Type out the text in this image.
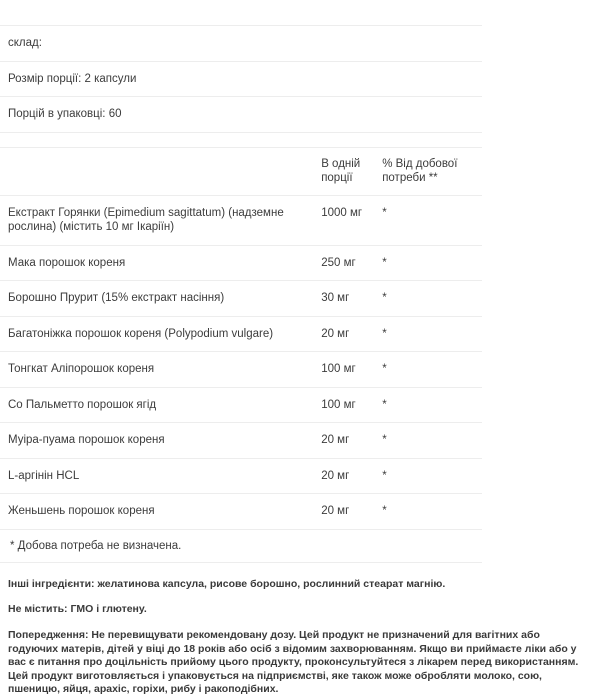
склад:		
Розмір порції: 2 капсули		
Порцій в упаковці: 60		

	В одній порції	% Від добової потреби **
Екстракт Горянки (Epimedium sagittatum) (надземне рослина) (містить 10 мг Ікаріїн)	1000 мг	*
Мака порошок кореня	250 мг	*
Борошно Прурит (15% екстракт насіння)	30 мг	*
Багатоніжка порошок кореня (Polypodium vulgare)	20 мг	*
Тонгкат Аліпорошок кореня	100 мг	*
Со Пальметто порошок ягід	100 мг	*
Муіра-пуама порошок кореня	20 мг	*
L-аргінін HCL	20 мг	*
Женьшень порошок кореня	20 мг	*
* Добова потреба не визначена.		

Інші інгредієнти: желатинова капсула, рисове борошно, рослинний стеарат магнію.

Не містить: ГМО і глютену.

Попередження: Не перевищувати рекомендовану дозу. Цей продукт не призначений для вагітних або годуючих матерів, дітей у віці до 18 років або осіб з відомим захворюванням. Якщо ви приймаєте ліки або у вас є питання про доцільність прийому цього продукту, проконсультуйтеся з лікарем перед використанням. Цей продукт виготовляється і упаковується на підприємстві, яке також може обробляти молоко, сою, пшеницю, яйця, арахіс, горіхи, рибу і ракоподібних.
